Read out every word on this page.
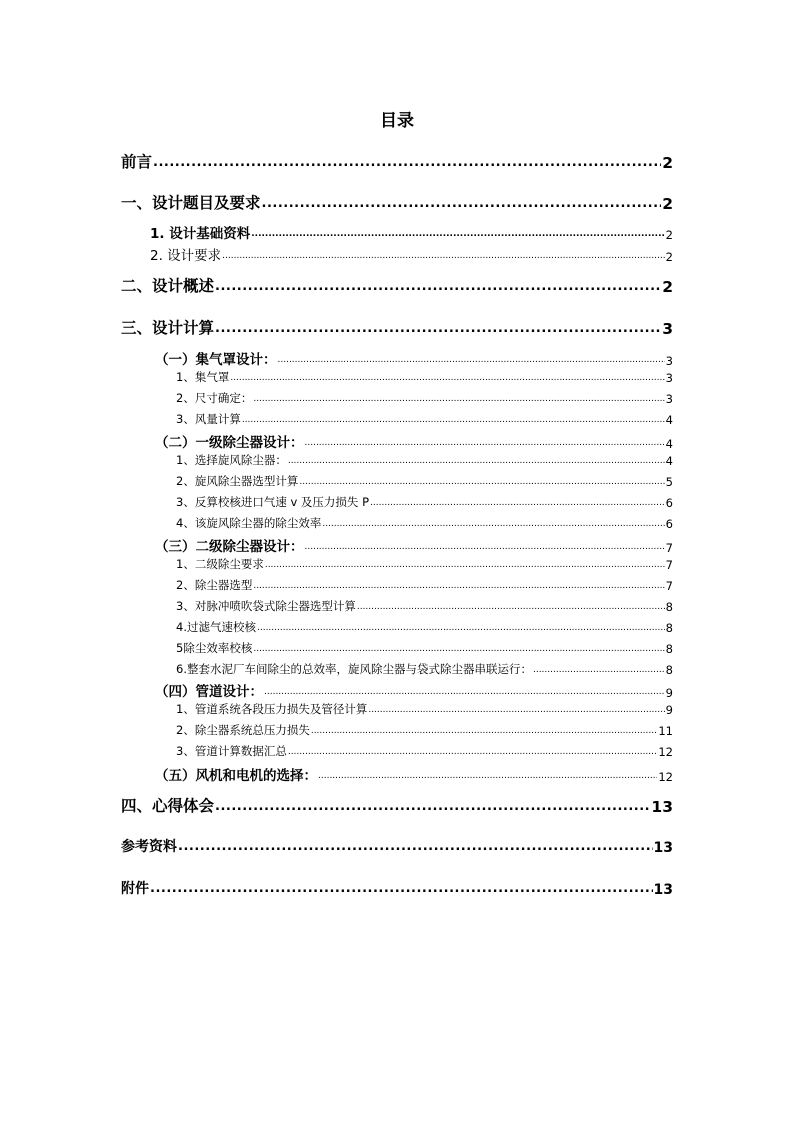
目录
前言 .....	2
一、设计题目及要求 .....	2
1. 设计基础资料 .....	2
2. 设计要求 .....	2
二、设计概述 .....	2
三、设计计算 .....	3
（一）集气罩设计： .....	3
1、集气罩 .....	3
2、尺寸确定： .....	3
3、风量计算 .....	4
（二）一级除尘器设计： .....	4
1、选择旋风除尘器： .....	4
2、旋风除尘器选型计算 .....	5
3、反算校核进口气速 v 及压力损失 P .....	6
4、该旋风除尘器的除尘效率 .....	6
（三）二级除尘器设计： .....	7
1、二级除尘要求 .....	7
2、除尘器选型 .....	7
3、对脉冲喷吹袋式除尘器选型计算 .....	8
4.过滤气速校核 .....	8
5除尘效率校核 .....	8
6.整套水泥厂车间除尘的总效率，旋风除尘器与袋式除尘器串联运行： .....	8
（四）管道设计： .....	9
1、管道系统各段压力损失及管径计算 .....	9
2、除尘器系统总压力损失 .....	11
3、管道计算数据汇总 .....	12
（五）风机和电机的选择： .....	12
四、心得体会 .....	13
参考资料 .....	13
附件 .....	13
